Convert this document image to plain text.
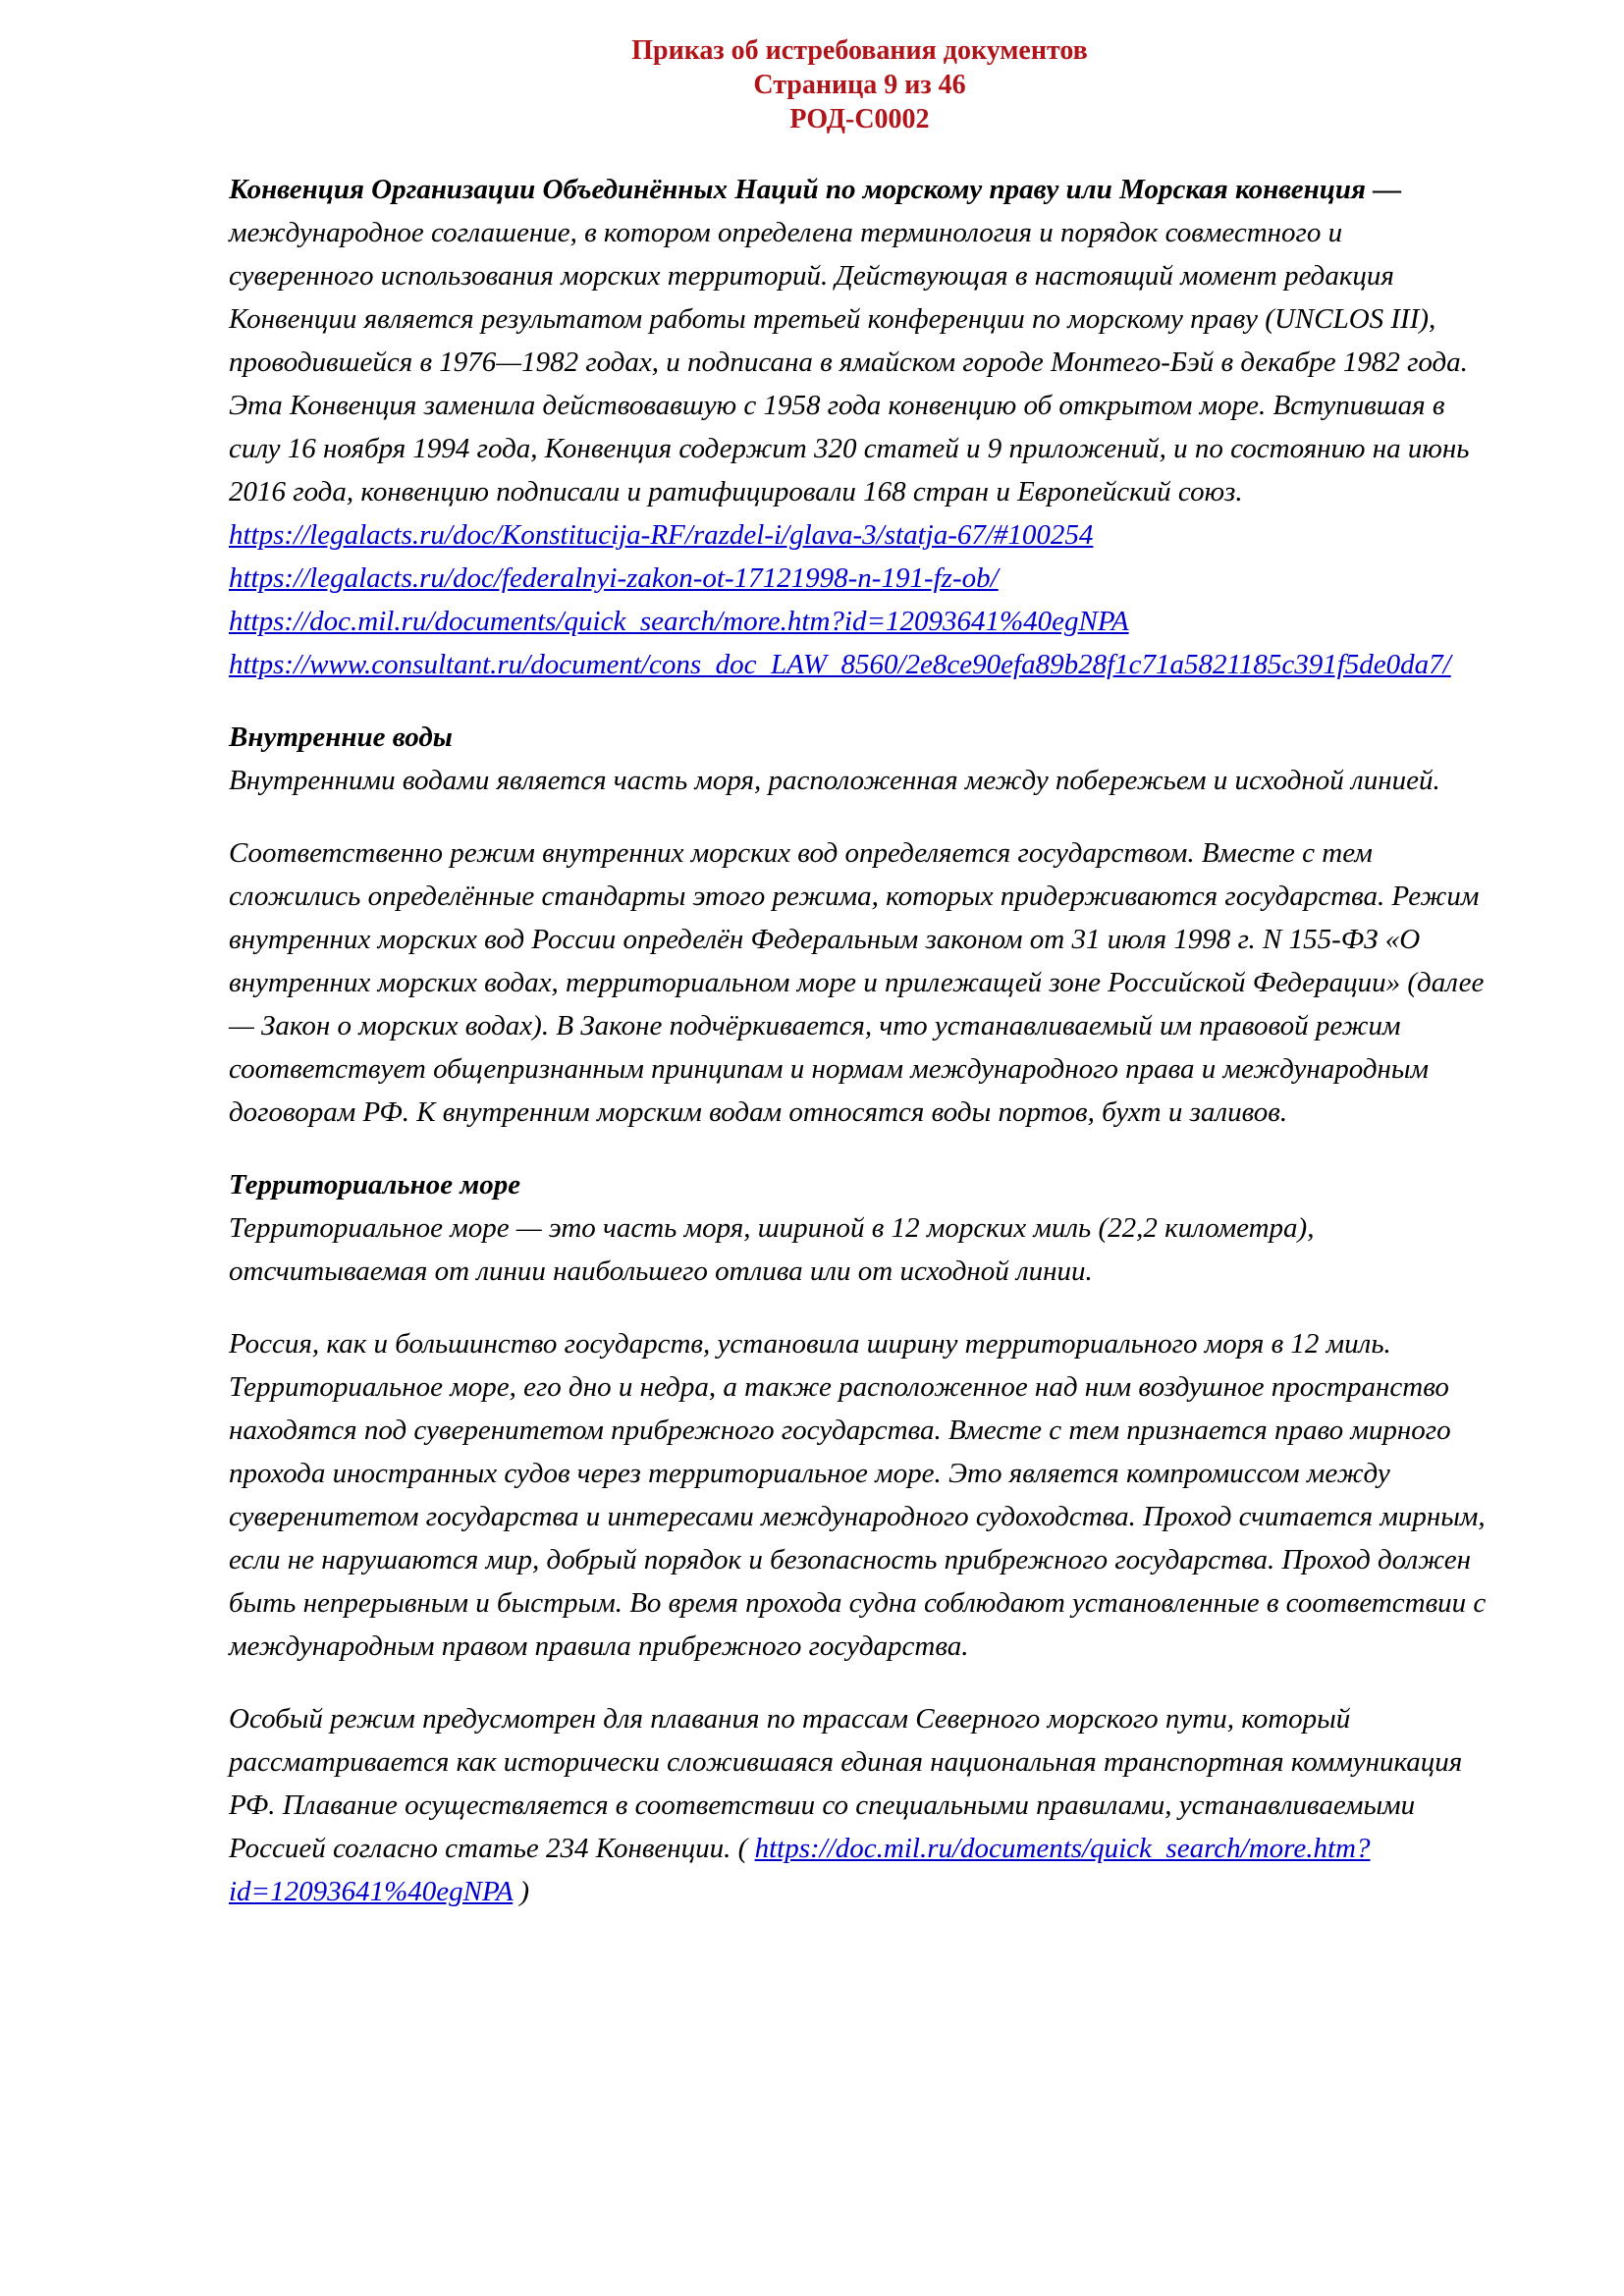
Приказ об истребования документов
Страница 9 из 46
РОД-С0002

Конвенция Организации Объединённых Наций по морскому праву или Морская конвенция — международное соглашение, в котором определена терминология и порядок совместного и суверенного использования морских территорий. Действующая в настоящий момент редакция Конвенции является результатом работы третьей конференции по морскому праву (UNCLOS III), проводившейся в 1976—1982 годах, и подписана в ямайском городе Монтего-Бэй в декабре 1982 года. Эта Конвенция заменила действовавшую с 1958 года конвенцию об открытом море. Вступившая в силу 16 ноября 1994 года, Конвенция содержит 320 статей и 9 приложений, и по состоянию на июнь 2016 года, конвенцию подписали и ратифицировали 168 стран и Европейский союз.

https://legalacts.ru/doc/Konstitucija-RF/razdel-i/glava-3/statja-67/#100254
https://legalacts.ru/doc/federalnyi-zakon-ot-17121998-n-191-fz-ob/
https://doc.mil.ru/documents/quick_search/more.htm?id=12093641%40egNPA
https://www.consultant.ru/document/cons_doc_LAW_8560/2e8ce90efa89b28f1c71a5821185c391f5de0da7/
Внутренние воды

Внутренними водами является часть моря, расположенная между побережьем и исходной линией.

Соответственно режим внутренних морских вод определяется государством. Вместе с тем сложились определённые стандарты этого режима, которых придерживаются государства. Режим внутренних морских вод России определён Федеральным законом от 31 июля 1998 г. N 155-ФЗ «О внутренних морских водах, территориальном море и прилежащей зоне Российской Федерации» (далее — Закон о морских водах). В Законе подчёркивается, что устанавливаемый им правовой режим соответствует общепризнанным принципам и нормам международного права и международным договорам РФ. К внутренним морским водам относятся воды портов, бухт и заливов.

Территориальное море

Территориальное море — это часть моря, шириной в 12 морских миль (22,2 километра), отсчитываемая от линии наибольшего отлива или от исходной линии.

Россия, как и большинство государств, установила ширину территориального моря в 12 миль. Территориальное море, его дно и недра, а также расположенное над ним воздушное пространство находятся под суверенитетом прибрежного государства. Вместе с тем признается право мирного прохода иностранных судов через территориальное море. Это является компромиссом между суверенитетом государства и интересами международного судоходства. Проход считается мирным, если не нарушаются мир, добрый порядок и безопасность прибрежного государства. Проход должен быть непрерывным и быстрым. Во время прохода судна соблюдают установленные в соответствии с международным правом правила прибрежного государства.

Особый режим предусмотрен для плавания по трассам Северного морского пути, который рассматривается как исторически сложившаяся единая национальная транспортная коммуникация РФ. Плавание осуществляется в соответствии со специальными правилами, устанавливаемыми Россией согласно статье 234 Конвенции. ( https://doc.mil.ru/documents/quick_search/more.htm?id=12093641%40egNPA )
